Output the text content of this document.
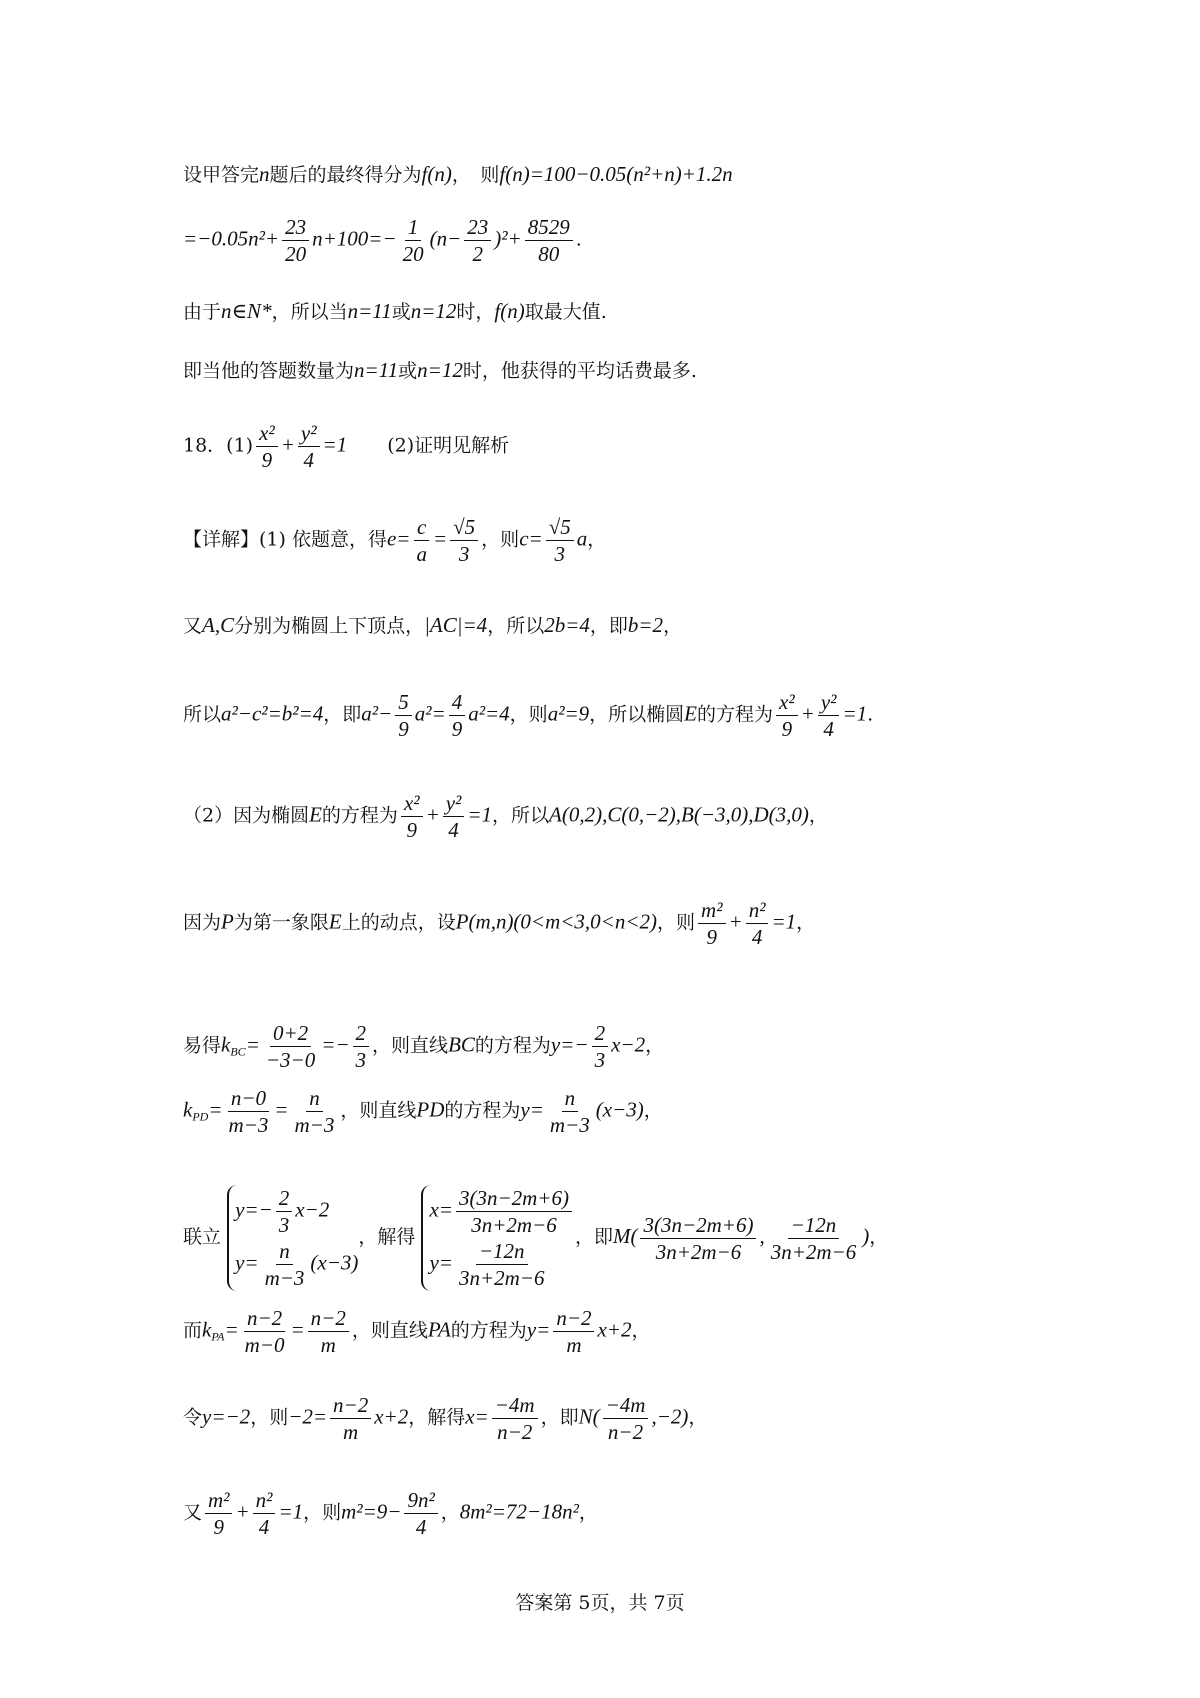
设甲答完n题后的最终得分为f(n)，　则f(n)=100−0.05(n²+n)+1.2n
$=-0.05n^2+ \frac{23}{20} n+100=- \frac{1}{20} (n- \frac{23}{2} )^2+ \frac{8529}{80}$ .
由于n∈N*，所以当n=11或n=12时，f(n)取最大值.
即当他的答题数量为n=11或n=12时，他获得的平均话费最多.
18．$(1) \frac{\text{x²}}{9} + \frac{\text{y²}}{4} =1$ (2)证明见解析
【详解】(1) 依题意，得$e= \frac{c}{a} = \frac{√5}{3}$ ，则$c= \frac{√5}{3}$ a，
又A,C分别为椭圆上下顶点，|AC|=4，所以2b=4，即b=2，
所以a²−c²=b²=4，即$a^2- \frac{5}{9} a^2= \frac{4}{9} a^2=4$，则a²=9，所以椭圆E的方程为 $\frac{\text{x²}}{9} + \frac{\text{y²}}{4} =1$.
（2）因为椭圆E的方程为 $\frac{\text{x²}}{9} + \frac{\text{y²}}{4} =1$，所以A(0,2),C(0,−2),B(−3,0),D(3,0)，
因为P为第一象限E上的动点，设P(m,n)(0<m<3,0<n<2)，则 $\frac{\text{m²}}{9} + \frac{\text{n²}}{4} =1$，
易得$k_{BC}= \frac{0+2}{-3-0} =- \frac{2}{3}$ ，则直线BC的方程为$y=- \frac{2}{3} x-2$，
$k_{PD}= \frac{n-0}{m-3} = \frac{n}{m-3}$ ，则直线PD的方程为$y= \frac{n}{m-3} (x-3)$，
联立
$y=- \frac{2}{3} x-2$
$y= \frac{n}{m-3} (x-3)$
，解得
$x= \frac{3(3n-2m+6)}{3n+2m-6}$
$y= \frac{-12n}{3n+2m-6}$
，即$M( \frac{3(3n-2m+6)}{3n+2m-6}$ , $\frac{-12n}{3n+2m-6}$ )，
而$k_{PA}= \frac{n-2}{m-0} = \frac{n-2}{m}$ ，则直线PA的方程为$y= \frac{n-2}{m} x+2$，
令y=−2，则$-2= \frac{n-2}{m} x+2$，解得$x= \frac{-4m}{n-2}$ ，即$N( \frac{-4m}{n-2} ,-2)$，
又 $\frac{\text{m²}}{9} + \frac{\text{n²}}{4} =1$，则$m^2=9- \frac{\text{9n²}}{4}$ ，8m²=72−18n²，
答案第 5页，共 7页
